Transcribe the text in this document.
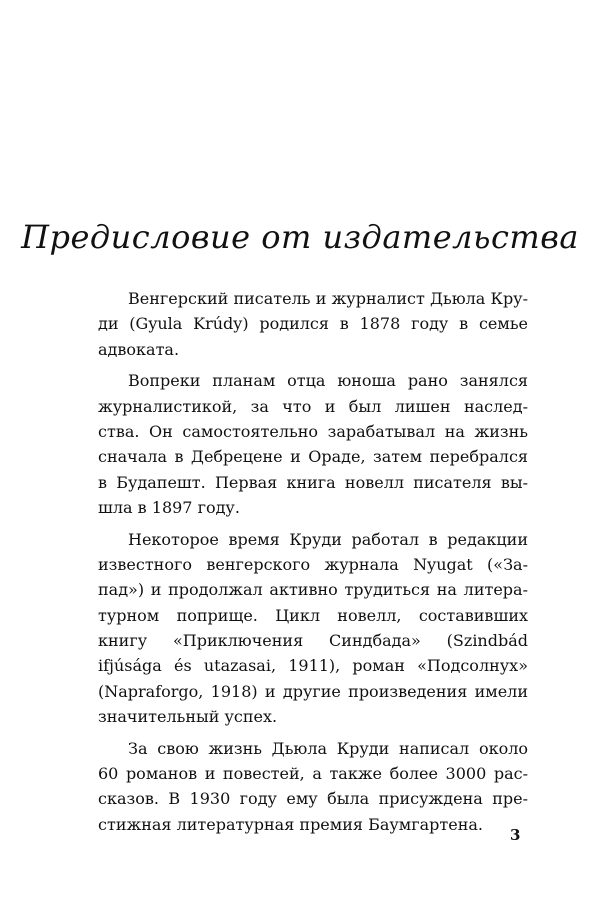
Предисловие от издательства
Венгерский писатель и журналист Дьюла Кру-
ди (Gyula Krúdy) родился в 1878 году в семье
адвоката.
Вопреки планам отца юноша рано занялся
журналистикой, за что и был лишен наслед-
ства. Он самостоятельно зарабатывал на жизнь
сначала в Дебрецене и Ораде, затем перебрался
в Будапешт. Первая книга новелл писателя вы-
шла в 1897 году.
Некоторое время Круди работал в редакции
известного венгерского журнала Nyugat («За-
пад») и продолжал активно трудиться на литера-
турном поприще. Цикл новелл, составивших
книгу «Приключения Синдбада» (Szindbád
ifjúsága és utazasai, 1911), роман «Подсолнух»
(Napraforgo, 1918) и другие произведения имели
значительный успех.
За свою жизнь Дьюла Круди написал около
60 романов и повестей, а также более 3000 рас-
сказов. В 1930 году ему была присуждена пре-
стижная литературная премия Баумгартена.
3
